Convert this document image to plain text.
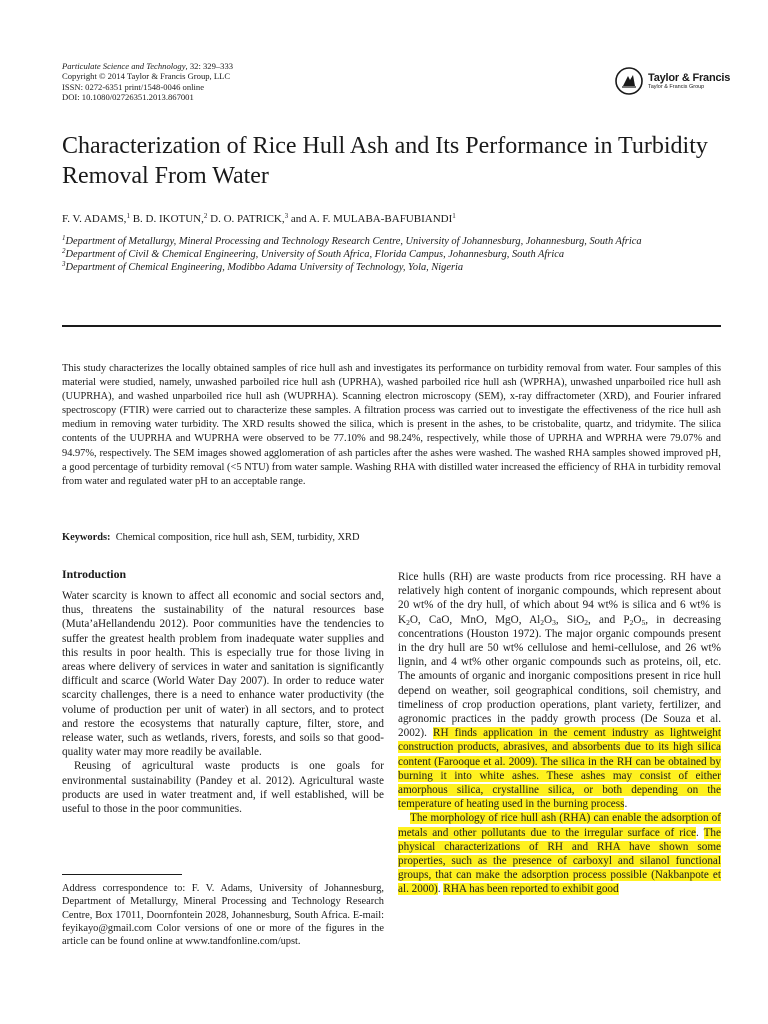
Particulate Science and Technology, 32: 329–333
Copyright © 2014 Taylor & Francis Group, LLC
ISSN: 0272-6351 print/1548-0046 online
DOI: 10.1080/02726351.2013.867001
Taylor & Francis
Taylor & Francis Group
Characterization of Rice Hull Ash and Its Performance in Turbidity Removal From Water
F. V. ADAMS,$^1$ B. D. IKOTUN,$^2$ D. O. PATRICK,$^3$ and A. F. MULABA-BAFUBIANDI$^1$
$^1$Department of Metallurgy, Mineral Processing and Technology Research Centre, University of Johannesburg, Johannesburg, South Africa
$^2$Department of Civil & Chemical Engineering, University of South Africa, Florida Campus, Johannesburg, South Africa
$^3$Department of Chemical Engineering, Modibbo Adama University of Technology, Yola, Nigeria

This study characterizes the locally obtained samples of rice hull ash and investigates its performance on turbidity removal from water. Four samples of this material were studied, namely, unwashed parboiled rice hull ash (UPRHA), washed parboiled rice hull ash (WPRHA), unwashed unparboiled rice hull ash (UUPRHA), and washed unparboiled rice hull ash (WUPRHA). Scanning electron microscopy (SEM), x-ray diffractometer (XRD), and Fourier infrared spectroscopy (FTIR) were carried out to characterize these samples. A filtration process was carried out to investigate the effectiveness of the rice hull ash medium in removing water turbidity. The XRD results showed the silica, which is present in the ashes, to be cristobalite, quartz, and tridymite. The silica contents of the UUPRHA and WUPRHA were observed to be 77.10% and 98.24%, respectively, while those of UPRHA and WPRHA were 79.07% and 94.97%, respectively. The SEM images showed agglomeration of ash particles after the ashes were washed. The washed RHA samples showed improved pH, a good percentage of turbidity removal (<5 NTU) from water sample. Washing RHA with distilled water increased the efficiency of RHA in turbidity removal from water and regulated water pH to an acceptable range.

Keywords: Chemical composition, rice hull ash, SEM, turbidity, XRD
Introduction

Water scarcity is known to affect all economic and social sectors and, thus, threatens the sustainability of the natural resources base (Muta’aHellandendu 2012). Poor communities have the tendencies to suffer the greatest health problem from inadequate water supplies and this results in poor health. This is especially true for those living in areas where delivery of services in water and sanitation is significantly difficult and scarce (World Water Day 2007). In order to reduce water scarcity challenges, there is a need to enhance water productivity (the volume of production per unit of water) in all sectors, and to protect and restore the ecosystems that naturally capture, filter, store, and release water, such as wetlands, rivers, forests, and soils so that good-quality water may more readily be available.

Reusing of agricultural waste products is one goals for environmental sustainability (Pandey et al. 2012). Agricultural waste products are used in water treatment and, if well established, will be useful to those in the poor communities.

Address correspondence to: F. V. Adams, University of Johannesburg, Department of Metallurgy, Mineral Processing and Technology Research Centre, Box 17011, Doornfontein 2028, Johannesburg, South Africa. E-mail: feyikayo@gmail.com Color versions of one or more of the figures in the article can be found online at www.tandfonline.com/upst.

Rice hulls (RH) are waste products from rice processing. RH have a relatively high content of inorganic compounds, which represent about 20 wt% of the dry hull, of which about 94 wt% is silica and 6 wt% is $K_2O$, CaO, MnO, MgO, $Al_2O_3$, SiO$_2$, and $P_2O_5$, in decreasing concentrations (Houston 1972). The major organic compounds present in the dry hull are 50 wt% cellulose and hemi-cellulose, and 26 wt% lignin, and 4 wt% other organic compounds such as proteins, oil, etc. The amounts of organic and inorganic compositions present in rice hull depend on weather, soil geographical conditions, soil chemistry, and timeliness of crop production operations, plant variety, fertilizer, and agronomic practices in the paddy growth process (De Souza et al. 2002). RH finds application in the cement industry as lightweight construction products, abrasives, and absorbents due to its high silica content (Farooque et al. 2009). The silica in the RH can be obtained by burning it into white ashes. These ashes may consist of either amorphous silica, crystalline silica, or both depending on the temperature of heating used in the burning process.

The morphology of rice hull ash (RHA) can enable the adsorption of metals and other pollutants due to the irregular surface of rice. The physical characterizations of RH and RHA have shown some properties, such as the presence of carboxyl and silanol functional groups, that can make the adsorption process possible (Nakbanpote et al. 2000). RHA has been reported to exhibit good
